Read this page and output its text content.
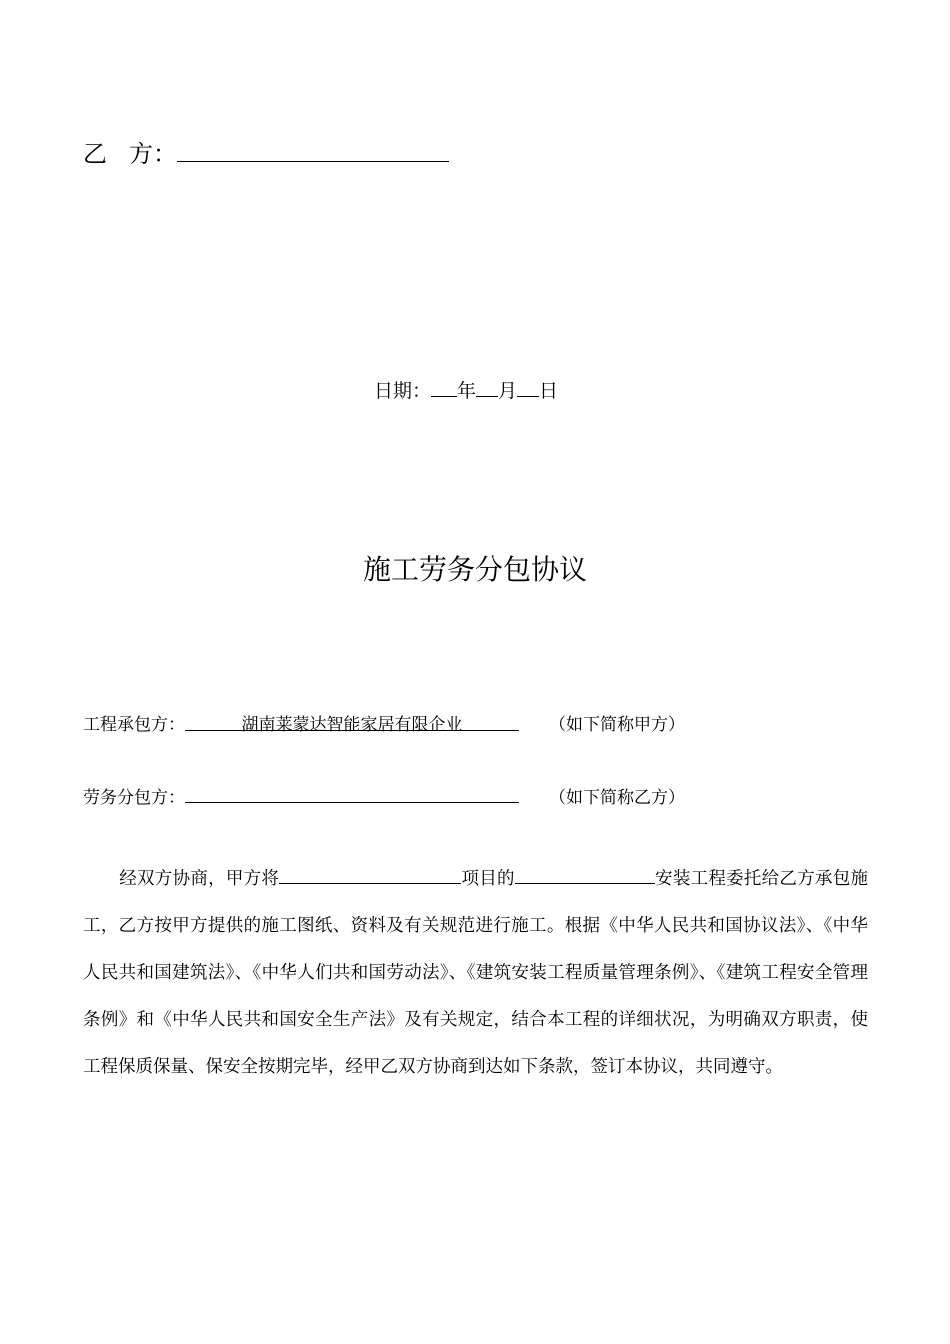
乙 方：
日期： 年 月 日
施工劳务分包协议
工程承包方：	湖南莱蒙达智能家居有限企业	（如下简称甲方）
劳务分包方：	（如下简称乙方）
经双方协商，甲方将	项目的	安装工程委托给乙方承包施工，乙方按甲方提供的施工图纸、资料及有关规范进行施工。根据《中华人民共和国协议法》、《中华人民共和国建筑法》、《中华人们共和国劳动法》、《建筑安装工程质量管理条例》、《建筑工程安全管理条例》和《中华人民共和国安全生产法》及有关规定，结合本工程的详细状况，为明确双方职责，使工程保质保量、保安全按期完毕，经甲乙双方协商到达如下条款，签订本协议，共同遵守。
